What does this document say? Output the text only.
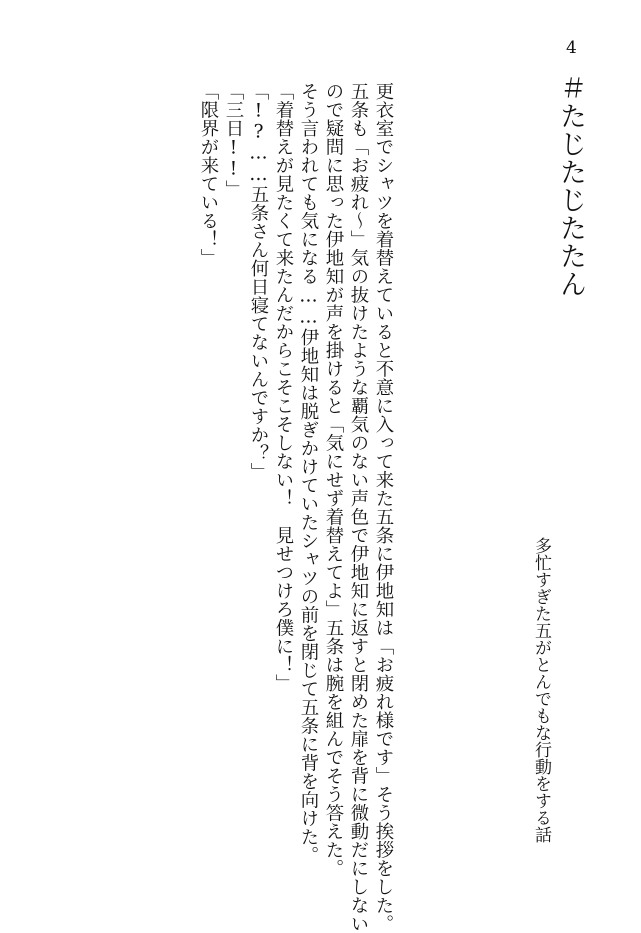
4
＃たじたじたたん
多忙すぎた五がとんでもな行動をする話
更衣室でシャツを着替えていると不意に入って来た五条に伊地知は「お疲れ様です」そう挨拶をした。
五条も「お疲れ〜」気の抜けたような覇気のない声色で伊地知に返すと閉めた扉を背に微動だにしない
ので疑問に思った伊地知が声を掛けると「気にせず着替えてよ」五条は腕を組んでそう答えた。
そう言われても気になる……伊地知は脱ぎかけていたシャツの前を閉じて五条に背を向けた。
「着替えが見たくて来たんだからこそこそしない！　見せつけろ僕に！」
「!?……五条さん何日寝てないんですか？」
「三日!!」
「限界が来ている！」
